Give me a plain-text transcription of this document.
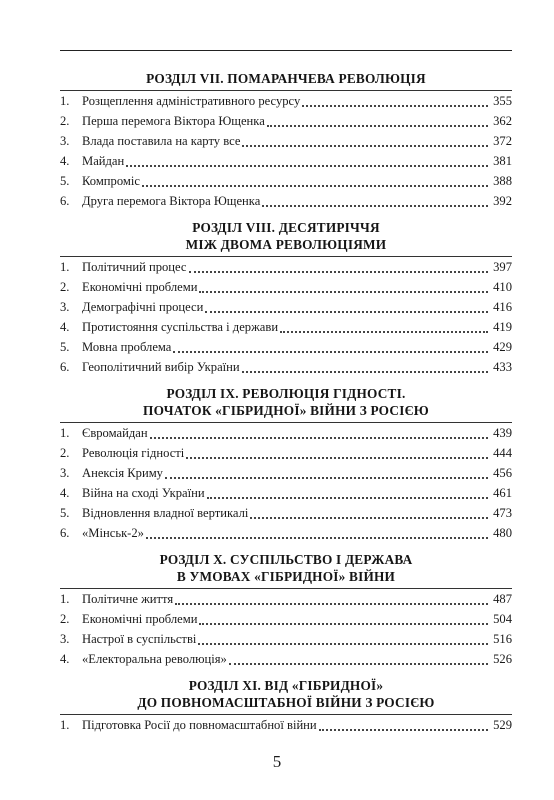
РОЗДІЛ VII. ПОМАРАНЧЕВА РЕВОЛЮЦІЯ
1. Розщеплення адміністративного ресурсу	355
2. Перша перемога Віктора Ющенка	362
3. Влада поставила на карту все	372
4. Майдан	381
5. Компроміс	388
6. Друга перемога Віктора Ющенка	392
РОЗДІЛ VIII. ДЕСЯТИРІЧЧЯ
МІЖ ДВОМА РЕВОЛЮЦІЯМИ
1. Політичний процес	397
2. Економічні проблеми	410
3. Демографічні процеси	416
4. Протистояння суспільства і держави	419
5. Мовна проблема	429
6. Геополітичний вибір України	433
РОЗДІЛ IX. РЕВОЛЮЦІЯ ГІДНОСТІ.
ПОЧАТОК «ГІБРИДНОЇ» ВІЙНИ З РОСІЄЮ
1. Євромайдан	439
2. Революція гідності	444
3. Анексія Криму	456
4. Війна на сході України	461
5. Відновлення владної вертикалі	473
6. «Мінськ-2»	480
РОЗДІЛ X. СУСПІЛЬСТВО І ДЕРЖАВА
В УМОВАХ «ГІБРИДНОЇ» ВІЙНИ
1. Політичне життя	487
2. Економічні проблеми	504
3. Настрої в суспільстві	516
4. «Електоральна революція»	526
РОЗДІЛ XI. ВІД «ГІБРИДНОЇ»
ДО ПОВНОМАСШТАБНОЇ ВІЙНИ З РОСІЄЮ
1. Підготовка Росії до повномасштабної війни	529
5
